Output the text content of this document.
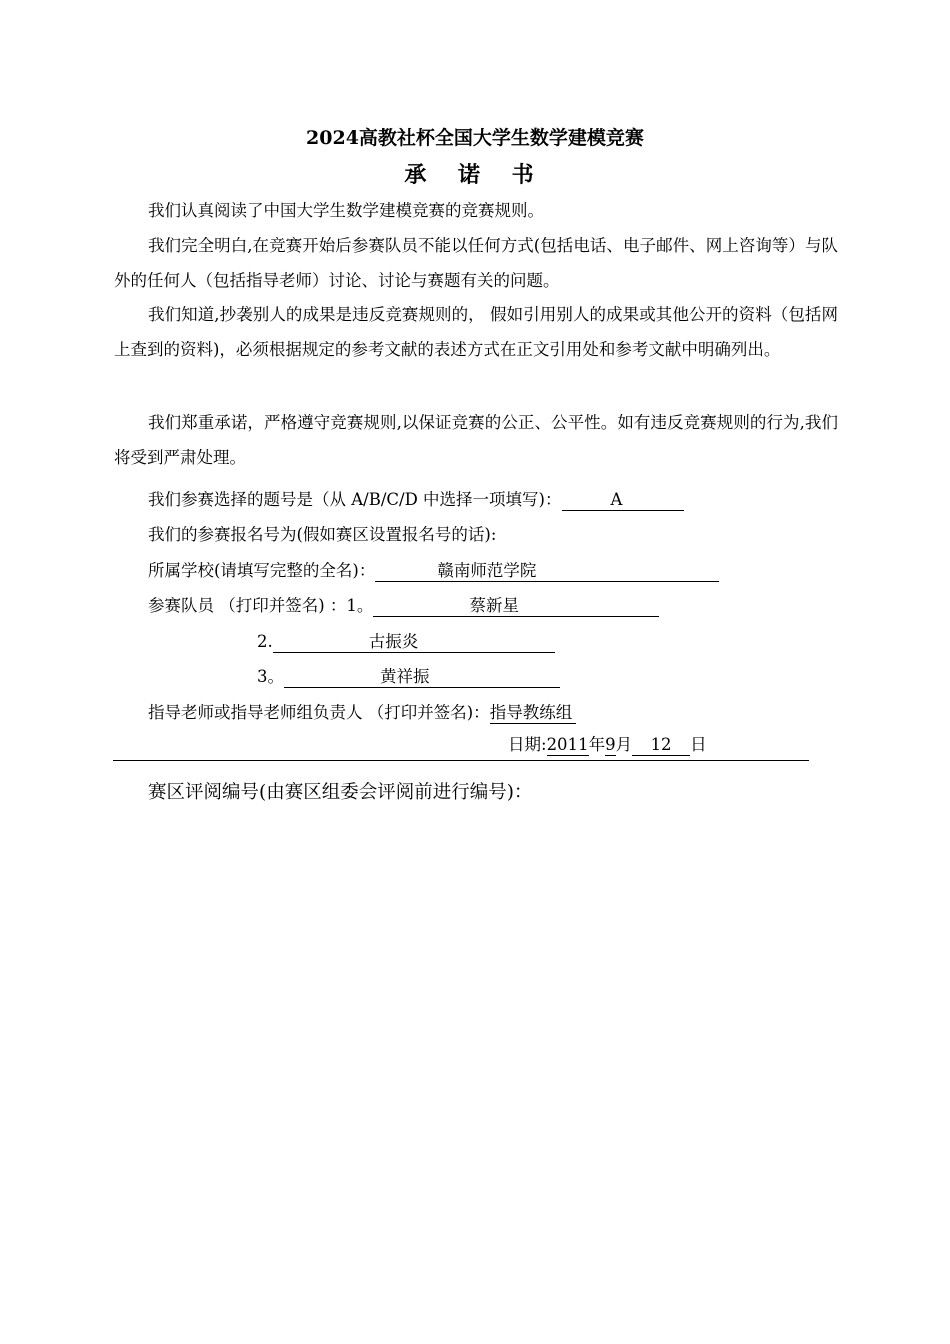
2024高教社杯全国大学生数学建模竞赛
承 诺 书
我们认真阅读了中国大学生数学建模竞赛的竞赛规则。
我们完全明白,在竞赛开始后参赛队员不能以任何方式(包括电话、电子邮件、网上咨询等）与队外的任何人（包括指导老师）讨论、讨论与赛题有关的问题。
我们知道,抄袭别人的成果是违反竞赛规则的， 假如引用别人的成果或其他公开的资料（包括网上查到的资料)，必须根据规定的参考文献的表述方式在正文引用处和参考文献中明确列出。
我们郑重承诺，严格遵守竞赛规则,以保证竞赛的公正、公平性。如有违反竞赛规则的行为,我们将受到严肃处理。
我们参赛选择的题号是（从 A/B/C/D 中选择一项填写)：	A
我们的参赛报名号为(假如赛区设置报名号的话):
所属学校(请填写完整的全名)：	赣南师范学院
参赛队员 （打印并签名) ：1。	蔡新星
2.	古振炎
3。	黄祥振
指导老师或指导老师组负责人 （打印并签名)：指导教练组
日期:2011年9月 12 日
赛区评阅编号(由赛区组委会评阅前进行编号)：
